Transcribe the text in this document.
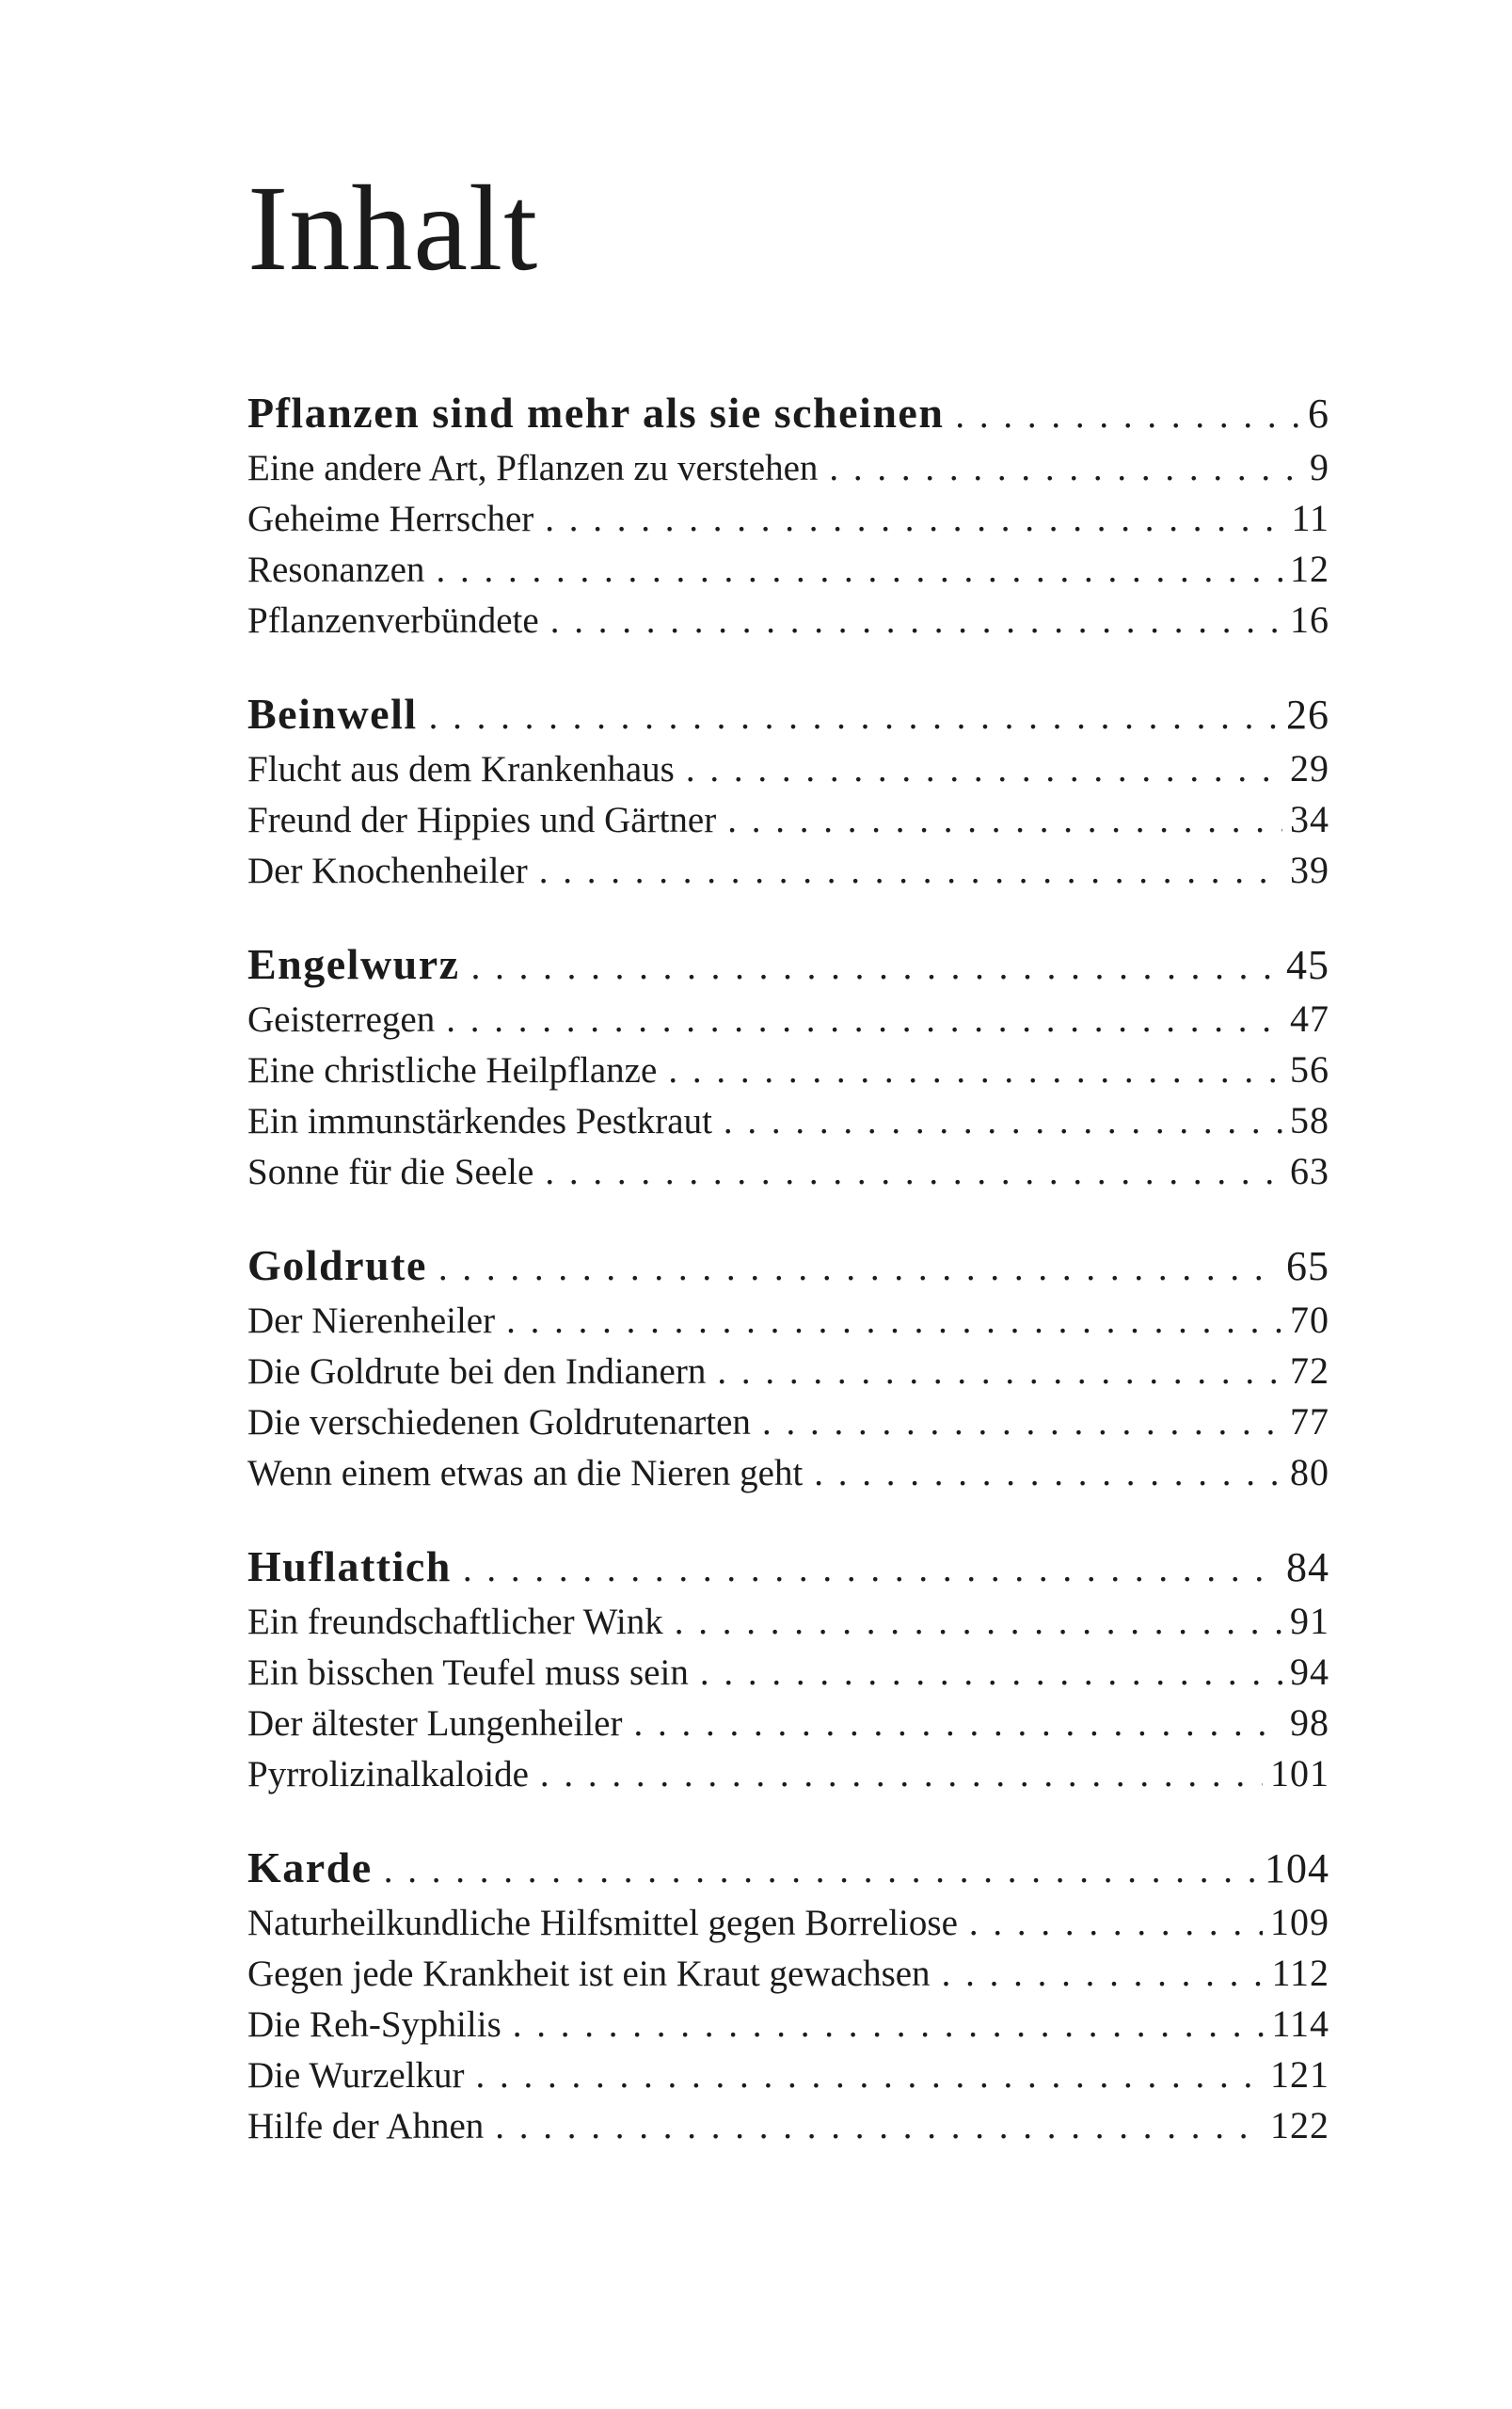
Inhalt
Pflanzen sind mehr als sie scheinen . . .	6
Eine andere Art, Pflanzen zu verstehen . . .	9
Geheime Herrscher . . .	11
Resonanzen . . .	12
Pflanzenverbündete . . .	16
Beinwell . . .	26
Flucht aus dem Krankenhaus . . .	29
Freund der Hippies und Gärtner . . .	34
Der Knochenheiler . . .	39
Engelwurz . . .	45
Geisterregen . . .	47
Eine christliche Heilpflanze . . .	56
Ein immunstärkendes Pestkraut . . .	58
Sonne für die Seele . . .	63
Goldrute . . .	65
Der Nierenheiler . . .	70
Die Goldrute bei den Indianern . . .	72
Die verschiedenen Goldrutenarten . . .	77
Wenn einem etwas an die Nieren geht . . .	80
Huflattich . . .	84
Ein freundschaftlicher Wink . . .	91
Ein bisschen Teufel muss sein . . .	94
Der ältester Lungenheiler . . .	98
Pyrrolizinalkaloide . . .	101
Karde . . .	104
Naturheilkundliche Hilfsmittel gegen Borreliose . . .	109
Gegen jede Krankheit ist ein Kraut gewachsen . . .	112
Die Reh-Syphilis . . .	114
Die Wurzelkur . . .	121
Hilfe der Ahnen . . .	122
